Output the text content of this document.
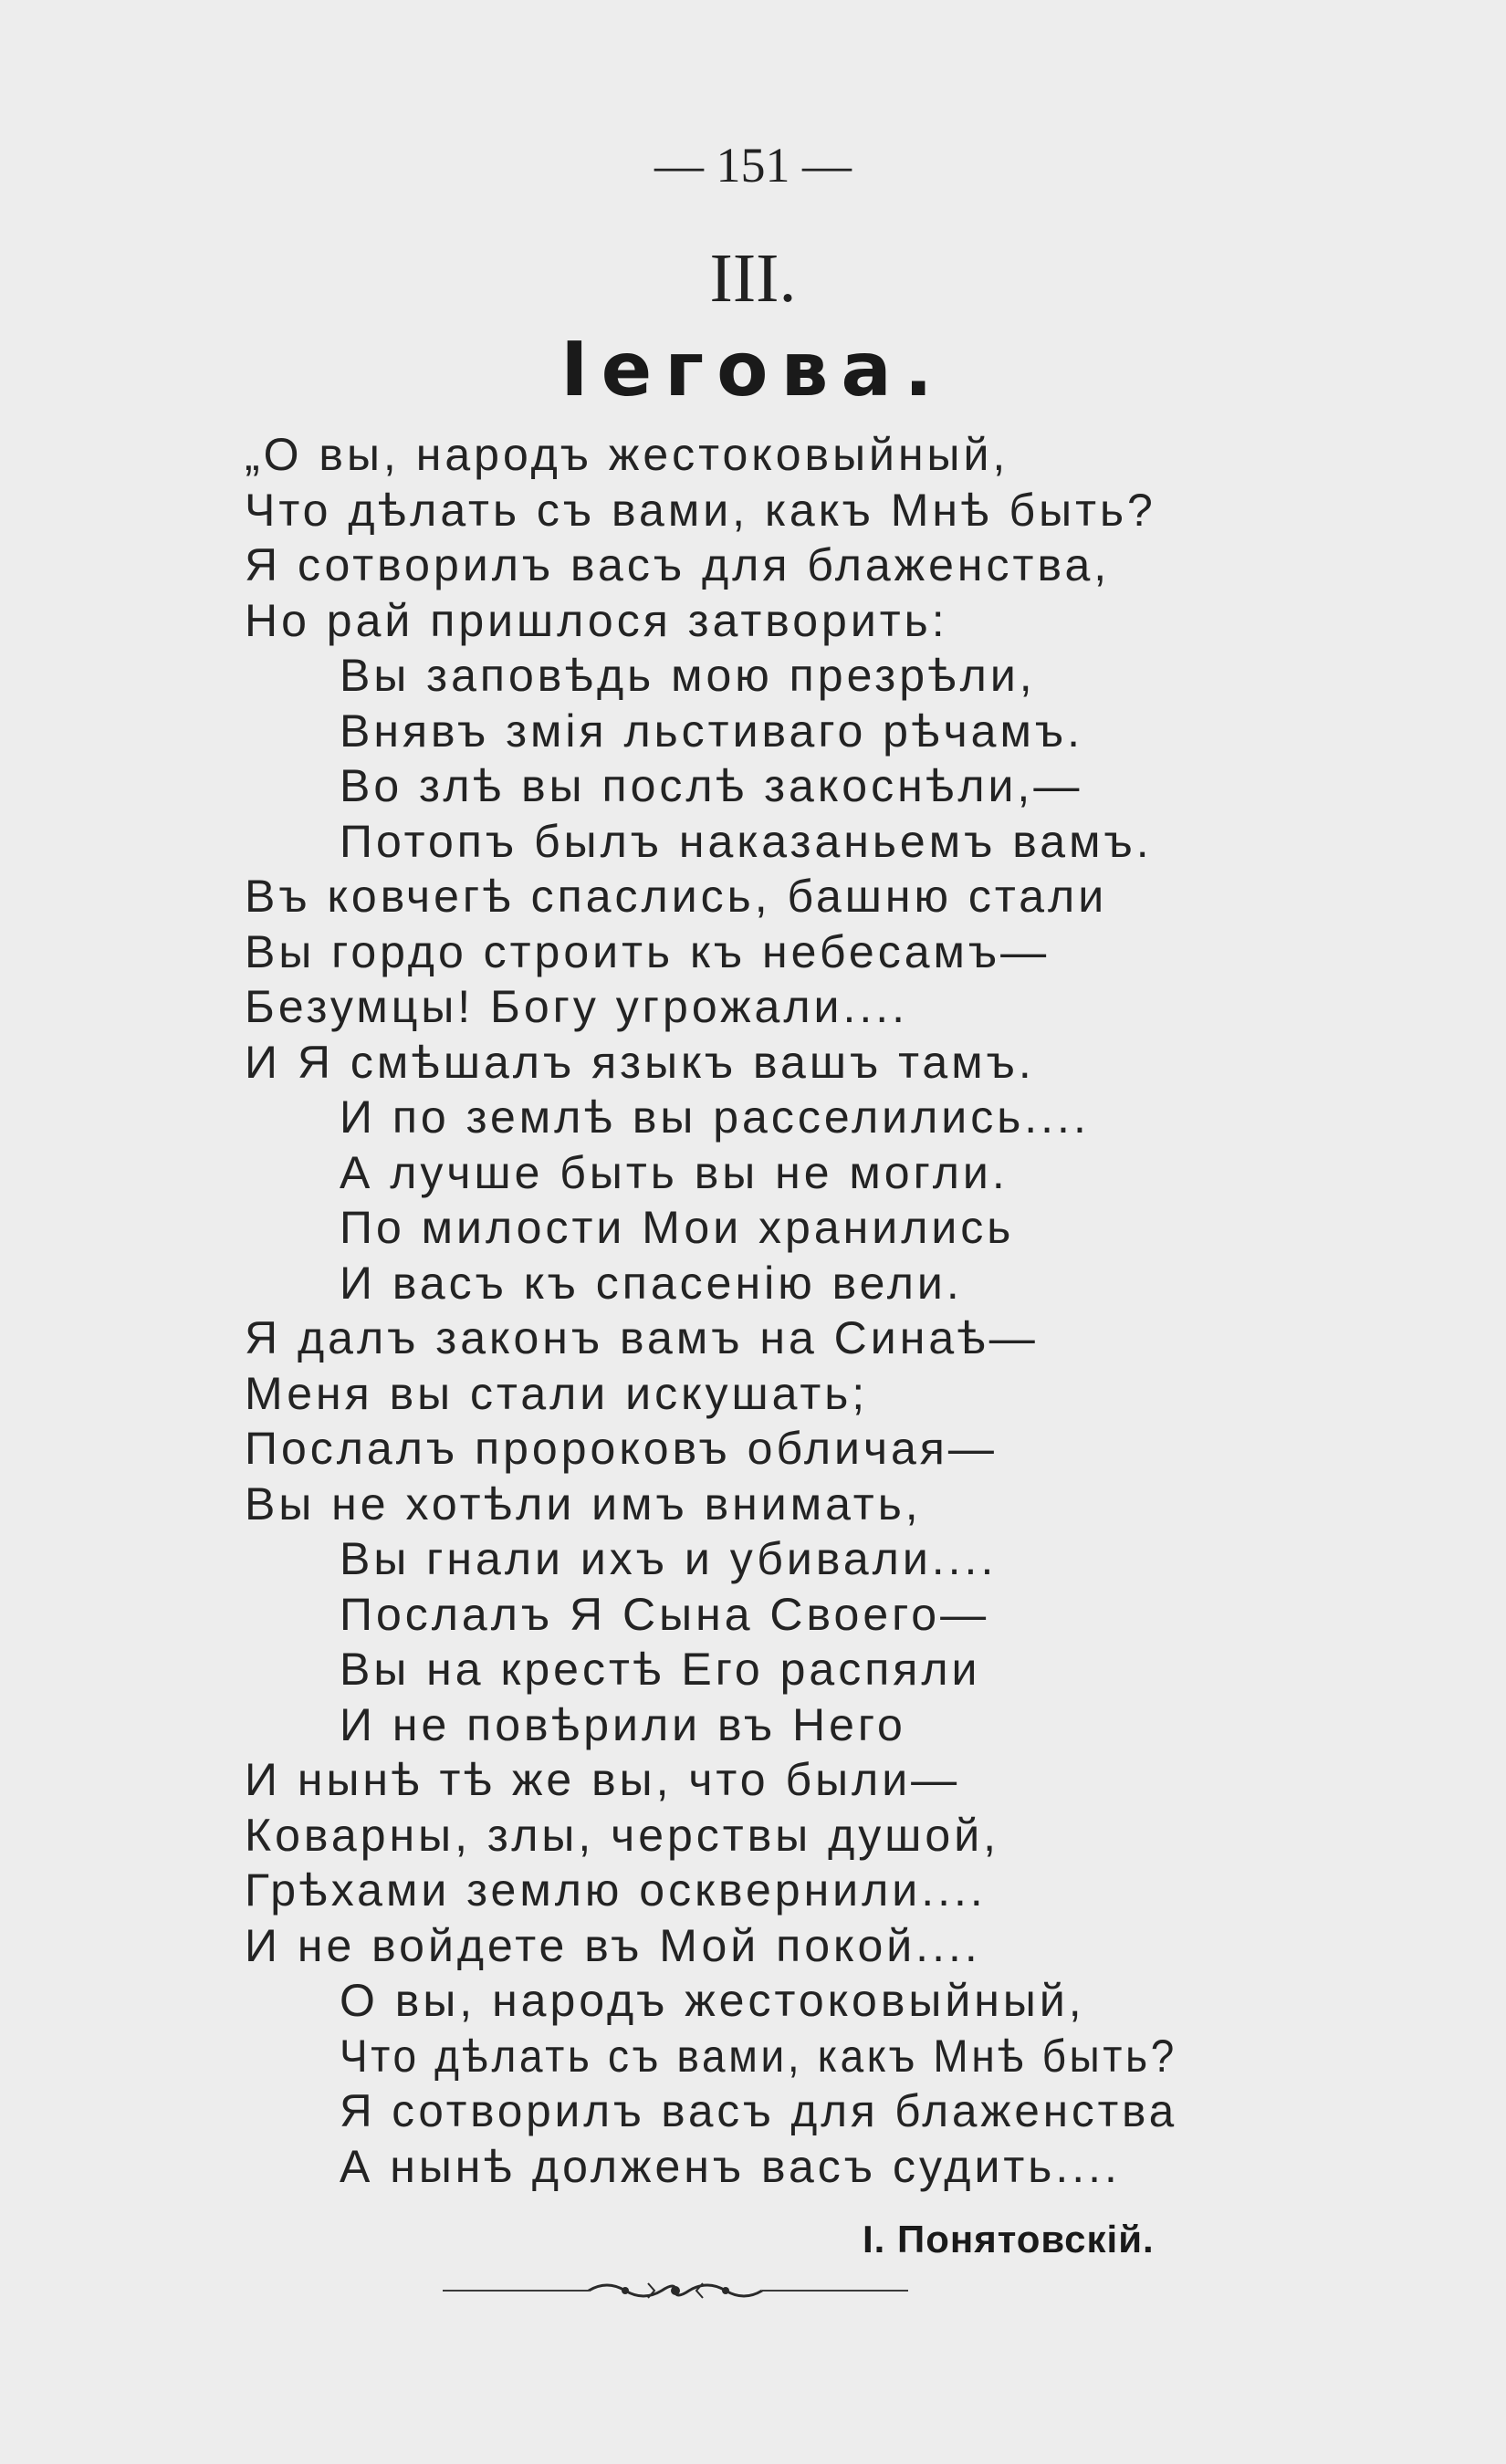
— 151 —
III.
Іегова.
„О вы, народъ жестоковыйный,
Что дѣлать съ вами, какъ Мнѣ быть?
Я сотворилъ васъ для блаженства,
Но рай пришлося затворить:
Вы заповѣдь мою презрѣли,
Внявъ змія льстиваго рѣчамъ.
Во злѣ вы послѣ закоснѣли,—
Потопъ былъ наказаньемъ вамъ.
Въ ковчегѣ спаслись, башню стали
Вы гордо строить къ небесамъ—
Безумцы! Богу угрожали....
И Я смѣшалъ языкъ вашъ тамъ.
И по землѣ вы расселились....
А лучше быть вы не могли.
По милости Мои хранились
И васъ къ спасенію вели.
Я далъ законъ вамъ на Синаѣ—
Меня вы стали искушать;
Послалъ пророковъ обличая—
Вы не хотѣли имъ внимать,
Вы гнали ихъ и убивали....
Послалъ Я Сына Своего—
Вы на крестѣ Его распяли
И не повѣрили въ Него
И нынѣ тѣ же вы, что были—
Коварны, злы, черствы душой,
Грѣхами землю осквернили....
И не войдете въ Мой покой....
О вы, народъ жестоковыйный,
Что дѣлать съ вами, какъ Мнѣ быть?
Я сотворилъ васъ для блаженства
А нынѣ долженъ васъ судить....
І. Понятовскій.
